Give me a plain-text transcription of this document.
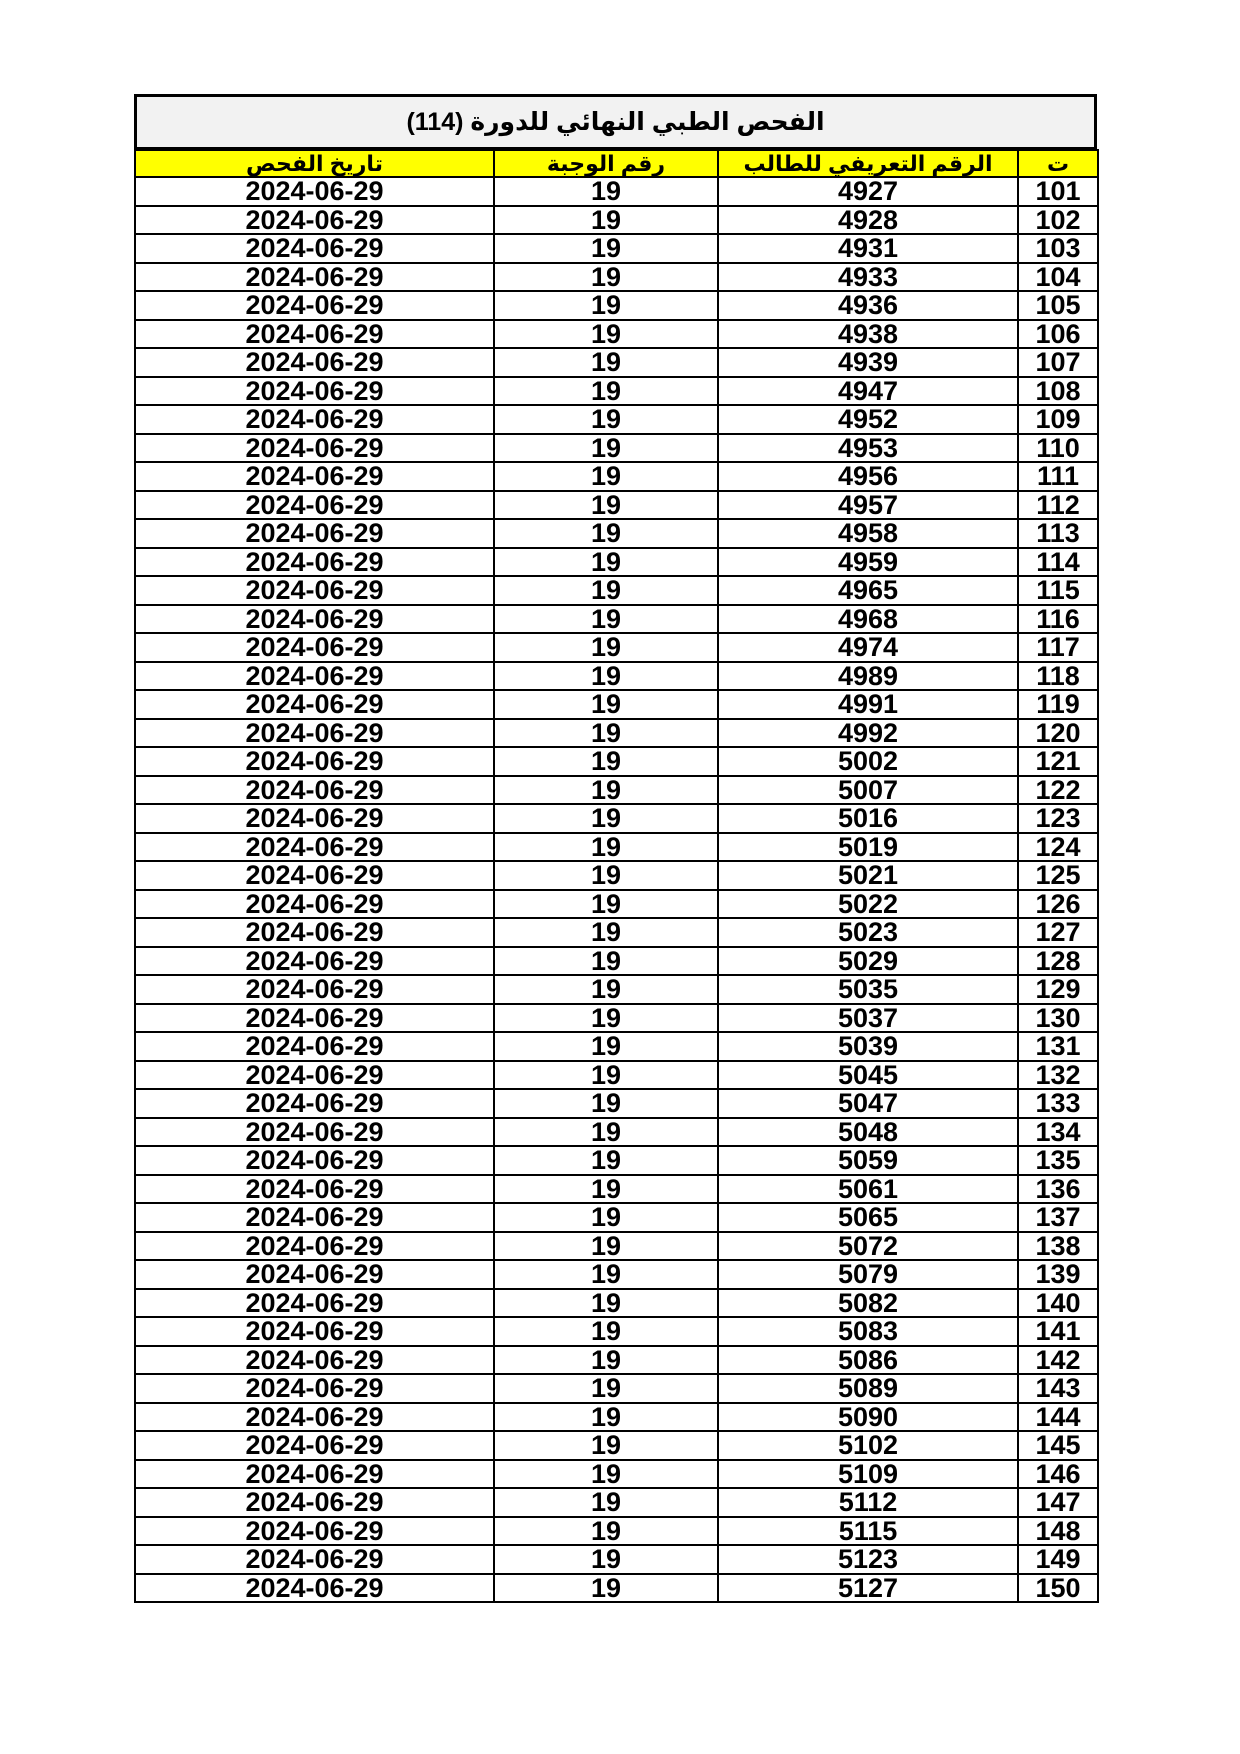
الفحص الطبي النهائي للدورة (114)
ت	الرقم التعريفي للطالب	رقم الوجبة	تاريخ الفحص
101	4927	19	2024-06-29
102	4928	19	2024-06-29
103	4931	19	2024-06-29
104	4933	19	2024-06-29
105	4936	19	2024-06-29
106	4938	19	2024-06-29
107	4939	19	2024-06-29
108	4947	19	2024-06-29
109	4952	19	2024-06-29
110	4953	19	2024-06-29
111	4956	19	2024-06-29
112	4957	19	2024-06-29
113	4958	19	2024-06-29
114	4959	19	2024-06-29
115	4965	19	2024-06-29
116	4968	19	2024-06-29
117	4974	19	2024-06-29
118	4989	19	2024-06-29
119	4991	19	2024-06-29
120	4992	19	2024-06-29
121	5002	19	2024-06-29
122	5007	19	2024-06-29
123	5016	19	2024-06-29
124	5019	19	2024-06-29
125	5021	19	2024-06-29
126	5022	19	2024-06-29
127	5023	19	2024-06-29
128	5029	19	2024-06-29
129	5035	19	2024-06-29
130	5037	19	2024-06-29
131	5039	19	2024-06-29
132	5045	19	2024-06-29
133	5047	19	2024-06-29
134	5048	19	2024-06-29
135	5059	19	2024-06-29
136	5061	19	2024-06-29
137	5065	19	2024-06-29
138	5072	19	2024-06-29
139	5079	19	2024-06-29
140	5082	19	2024-06-29
141	5083	19	2024-06-29
142	5086	19	2024-06-29
143	5089	19	2024-06-29
144	5090	19	2024-06-29
145	5102	19	2024-06-29
146	5109	19	2024-06-29
147	5112	19	2024-06-29
148	5115	19	2024-06-29
149	5123	19	2024-06-29
150	5127	19	2024-06-29
